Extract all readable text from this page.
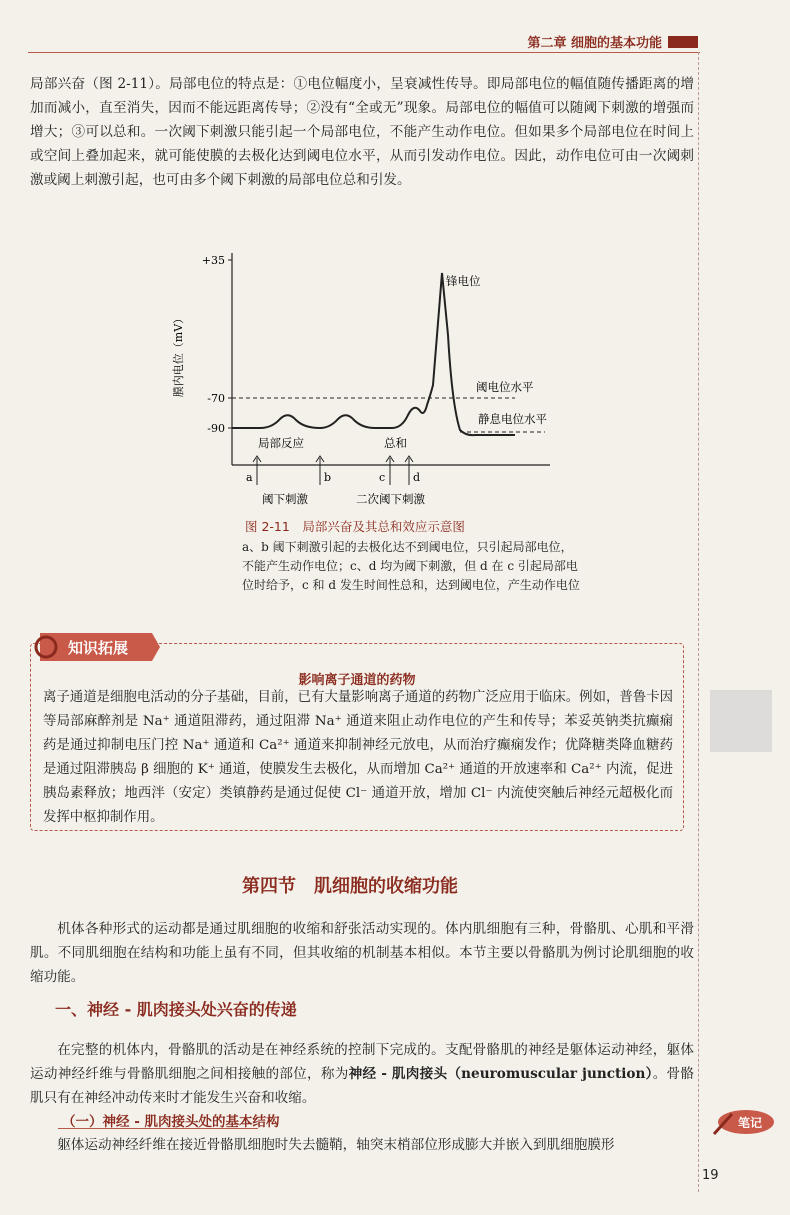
第二章 细胞的基本功能

局部兴奋（图 2-11）。局部电位的特点是：①电位幅度小，呈衰减性传导。即局部电位的幅值随传播距离的增加而减小，直至消失，因而不能远距离传导；②没有“全或无”现象。局部电位的幅值可以随阈下刺激的增强而增大；③可以总和。一次阈下刺激只能引起一个局部电位，不能产生动作电位。但如果多个局部电位在时间上或空间上叠加起来，就可能使膜的去极化达到阈电位水平，从而引发动作电位。因此，动作电位可由一次阈刺激或阈上刺激引起，也可由多个阈下刺激的局部电位总和引发。

+35
-70
-90
膜内电位（mV）
锋电位
阈电位水平
静息电位水平
局部反应	总和
a	b	c	d
阈下刺激	二次阈下刺激
图 2-11　局部兴奋及其总和效应示意图
a、b 阈下刺激引起的去极化达不到阈电位，只引起局部电位，不能产生动作电位；c、d 均为阈下刺激，但 d 在 c 引起局部电位时给予，c 和 d 发生时间性总和，达到阈电位，产生动作电位
影响离子通道的药物
离子通道是细胞电活动的分子基础，目前，已有大量影响离子通道的药物广泛应用于临床。例如，普鲁卡因等局部麻醉剂是 Na⁺ 通道阻滞药，通过阻滞 Na⁺ 通道来阻止动作电位的产生和传导；苯妥英钠类抗癫痫药是通过抑制电压门控 Na⁺ 通道和 Ca²⁺ 通道来抑制神经元放电，从而治疗癫痫发作；优降糖类降血糖药是通过阻滞胰岛 β 细胞的 K⁺ 通道，使膜发生去极化，从而增加 Ca²⁺ 通道的开放速率和 Ca²⁺ 内流，促进胰岛素释放；地西泮（安定）类镇静药是通过促使 Cl⁻ 通道开放，增加 Cl⁻ 内流使突触后神经元超极化而发挥中枢抑制作用。
知识拓展
第四节　肌细胞的收缩功能
机体各种形式的运动都是通过肌细胞的收缩和舒张活动实现的。体内肌细胞有三种，骨骼肌、心肌和平滑肌。不同肌细胞在结构和功能上虽有不同，但其收缩的机制基本相似。本节主要以骨骼肌为例讨论肌细胞的收缩功能。
一、神经 - 肌肉接头处兴奋的传递
在完整的机体内，骨骼肌的活动是在神经系统的控制下完成的。支配骨骼肌的神经是躯体运动神经，躯体运动神经纤维与骨骼肌细胞之间相接触的部位，称为神经 - 肌肉接头（neuromuscular junction）。骨骼肌只有在神经冲动传来时才能发生兴奋和收缩。
（一）神经 - 肌肉接头处的基本结构
躯体运动神经纤维在接近骨骼肌细胞时失去髓鞘，轴突末梢部位形成膨大并嵌入到肌细胞膜形
笔记
19
